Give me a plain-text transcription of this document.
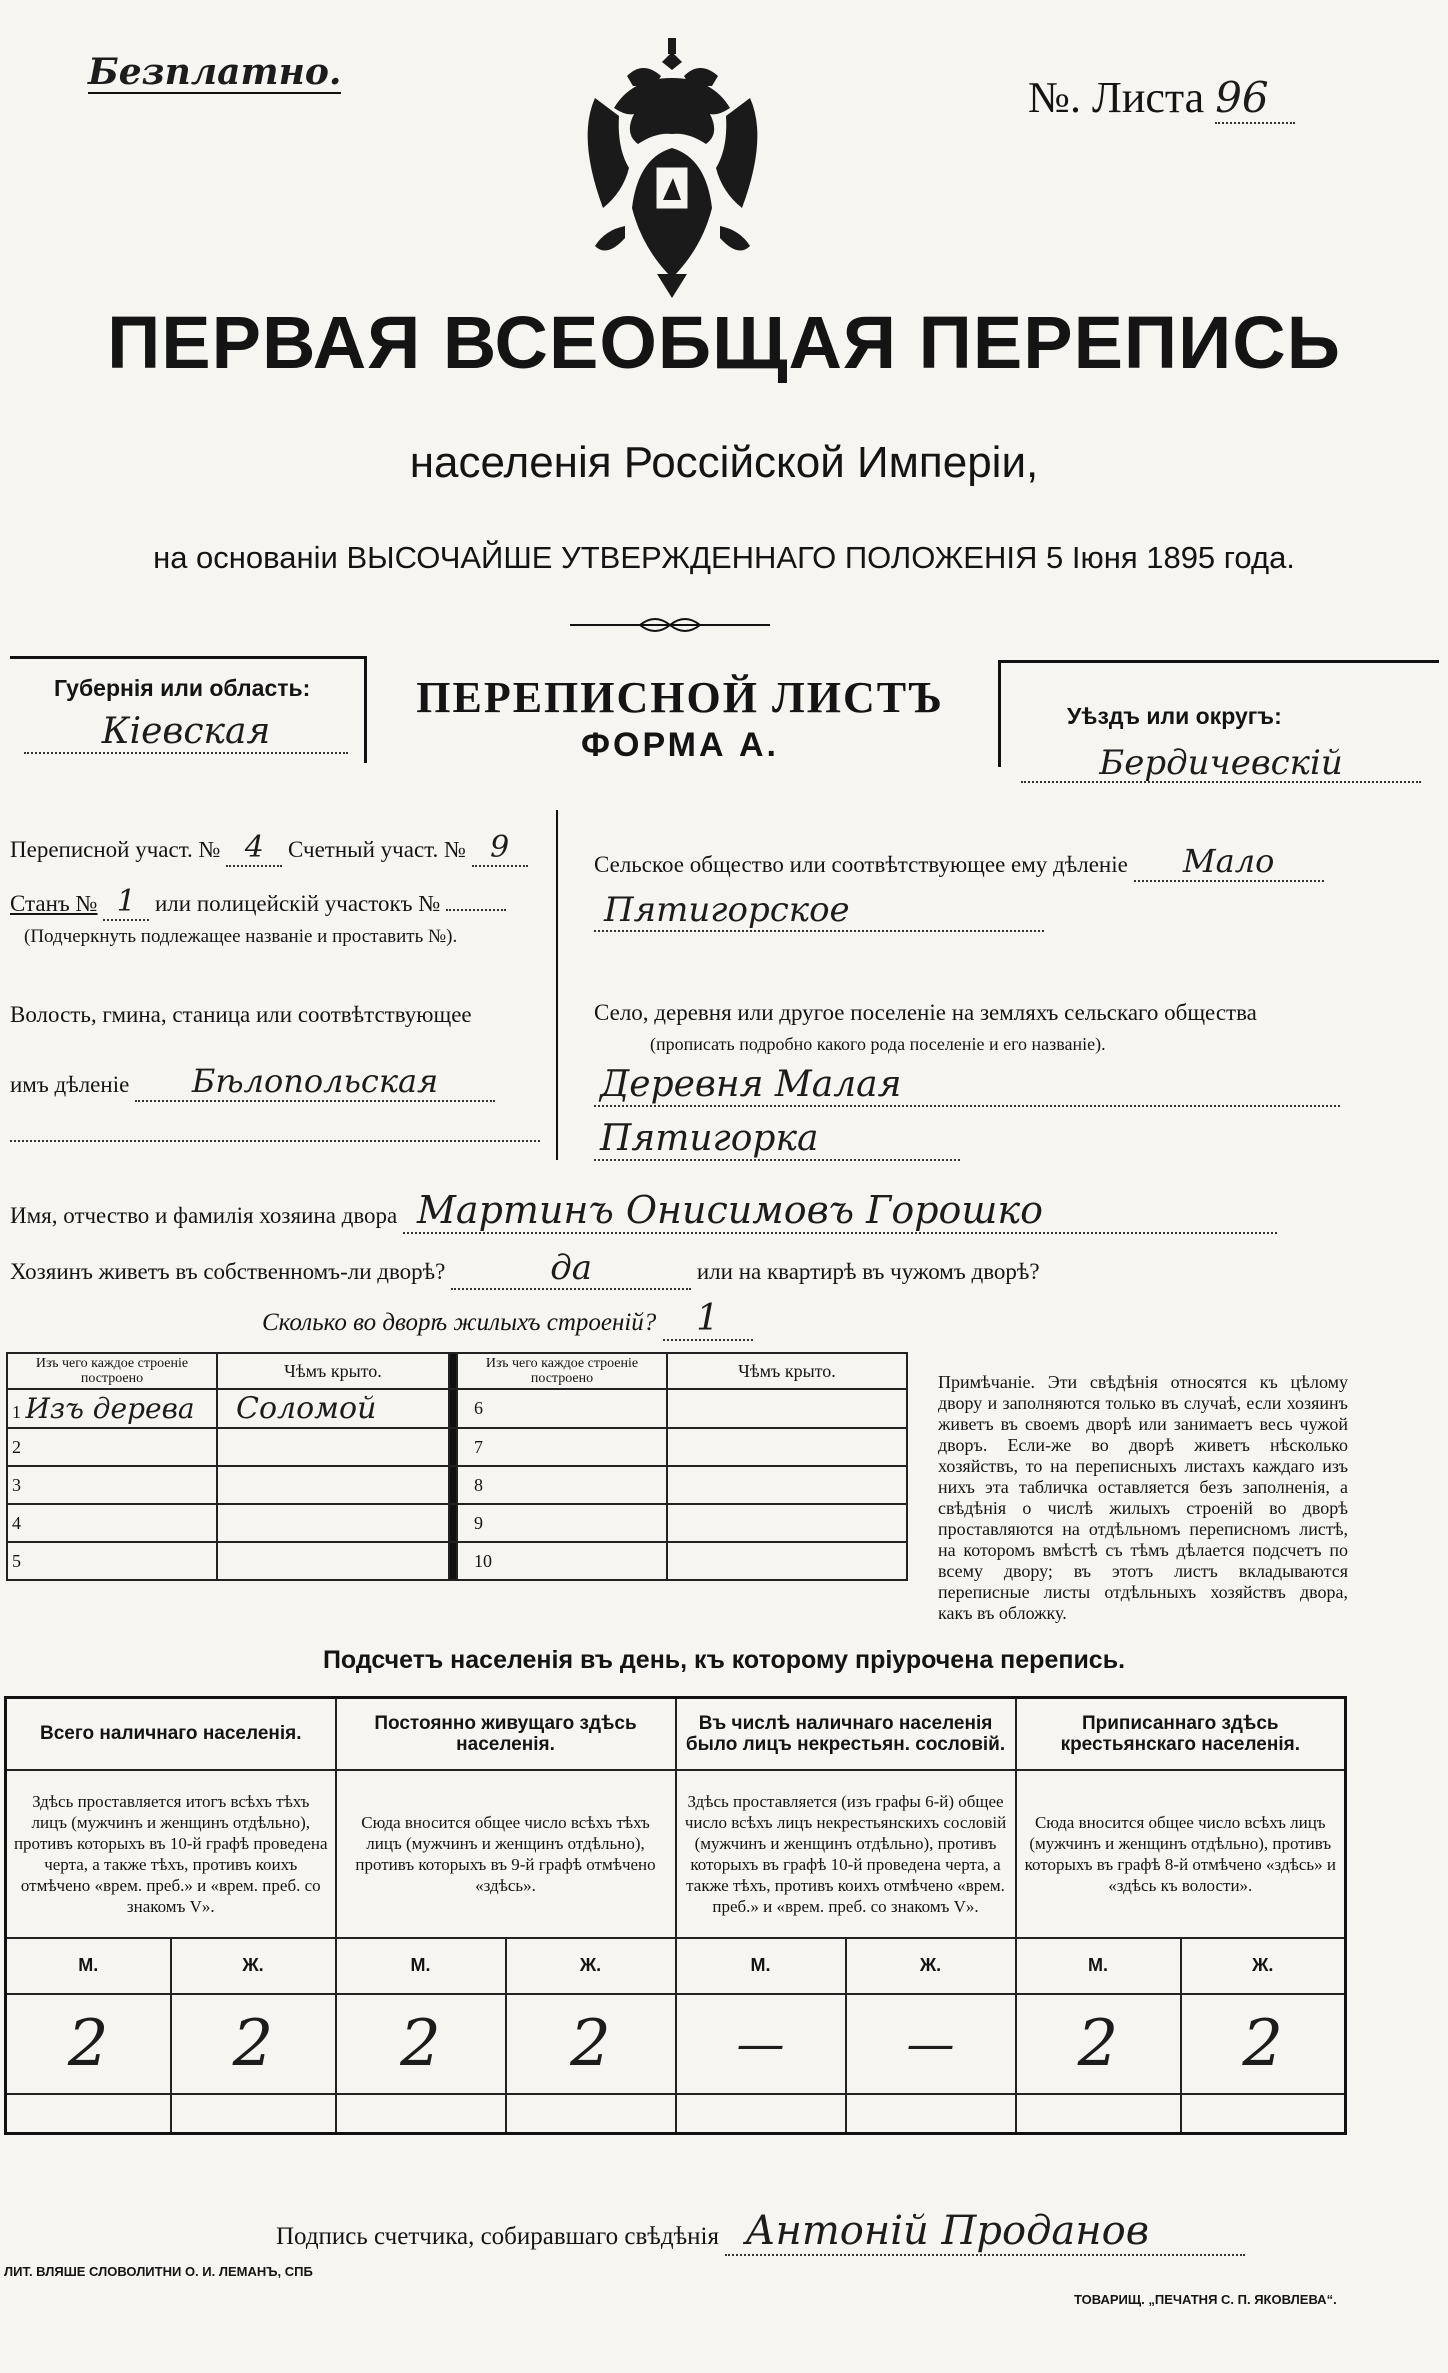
Безплатно.
№. Листа 96
ПЕРВАЯ ВСЕОБЩАЯ ПЕРЕПИСЬ
населенія Россійской Имперіи,
на основаніи ВЫСОЧАЙШЕ УТВЕРЖДЕННАГО ПОЛОЖЕНІЯ 5 Іюня 1895 года.
Губернія или область:
Кіевская
ПЕРЕПИСНОЙ ЛИСТЪ
ФОРМА А.
Уѣздъ или округъ:
Бердичевскій
Переписной участ. № 4 Счетный участ. № 9
Станъ № 1 или полицейскій участокъ №
(Подчеркнуть подлежащее названіе и проставить №).
Волость, гмина, станица или соотвѣтствующее
имъ дѣленіе Бѣлопольская
Сельское общество или соотвѣтствующее ему дѣленіе Мало
Пятигорское
Село, деревня или другое поселеніе на земляхъ сельскаго общества
(прописать подробно какого рода поселеніе и его названіе).
Деревня Малая
Пятигорка
Имя, отчество и фамилія хозяина двора Мартинъ Онисимовъ Горошко
Хозяинъ живетъ въ собственномъ-ли дворѣ?	да	или на квартирѣ въ чужомъ дворѣ?
Сколько во дворѣ жилыхъ строеній? 1
Изъ чего каждое строеніе построено	Чѣмъ крыто.		Изъ чего каждое строеніе построено	Чѣмъ крыто.
1 Изъ дерева	Соломой		6	
2			7	
3			8	
4			9	
5			10	
Примѣчаніе. Эти свѣдѣнія относятся къ цѣлому двору и заполняются только въ случаѣ, если хозяинъ живетъ въ своемъ дворѣ или занимаетъ весь чужой дворъ. Если-же во дворѣ живетъ нѣсколько хозяйствъ, то на переписныхъ листахъ каждаго изъ нихъ эта табличка оставляется безъ заполненія, а свѣдѣнія о числѣ жилыхъ строеній во дворѣ проставляются на отдѣльномъ переписномъ листѣ, на которомъ вмѣстѣ съ тѣмъ дѣлается подсчетъ по всему двору; въ этотъ листъ вкладываются переписные листы отдѣльныхъ хозяйствъ двора, какъ въ обложку.
Подсчетъ населенія въ день, къ которому пріурочена перепись.
Всего наличнаго населенія.		Постоянно живущаго здѣсь населенія.		Въ числѣ наличнаго населенія было лицъ некрестьян. сословій.		Приписаннаго здѣсь крестьянскаго населенія.	
Здѣсь проставляется итогъ всѣхъ тѣхъ лицъ (мужчинъ и женщинъ отдѣльно), противъ которыхъ въ 10-й графѣ проведена черта, а также тѣхъ, противъ коихъ отмѣчено «врем. преб.» и «врем. преб. со знакомъ V».		Сюда вносится общее число всѣхъ тѣхъ лицъ (мужчинъ и женщинъ отдѣльно), противъ которыхъ въ 9-й графѣ отмѣчено «здѣсь».		Здѣсь проставляется (изъ графы 6-й) общее число всѣхъ лицъ некрестьянскихъ сословій (мужчинъ и женщинъ отдѣльно), противъ которыхъ въ графѣ 10-й проведена черта, а также тѣхъ, противъ коихъ отмѣчено «врем. преб.» и «врем. преб. со знакомъ V».		Сюда вносится общее число всѣхъ лицъ (мужчинъ и женщинъ отдѣльно), противъ которыхъ въ графѣ 8-й отмѣчено «здѣсь» и «здѣсь къ волости».	
М.	Ж.	М.	Ж.	М.	Ж.	М.	Ж.
2	2	2	2	—	—	2	2

Подпись счетчика, собиравшаго свѣдѣнія Антоній Проданов
ЛИТ. ВЛЯШЕ СЛОВОЛИТНИ О. И. ЛЕМАНЪ, СПБ
ТОВАРИЩ. „ПЕЧАТНЯ С. П. ЯКОВЛЕВА“.
